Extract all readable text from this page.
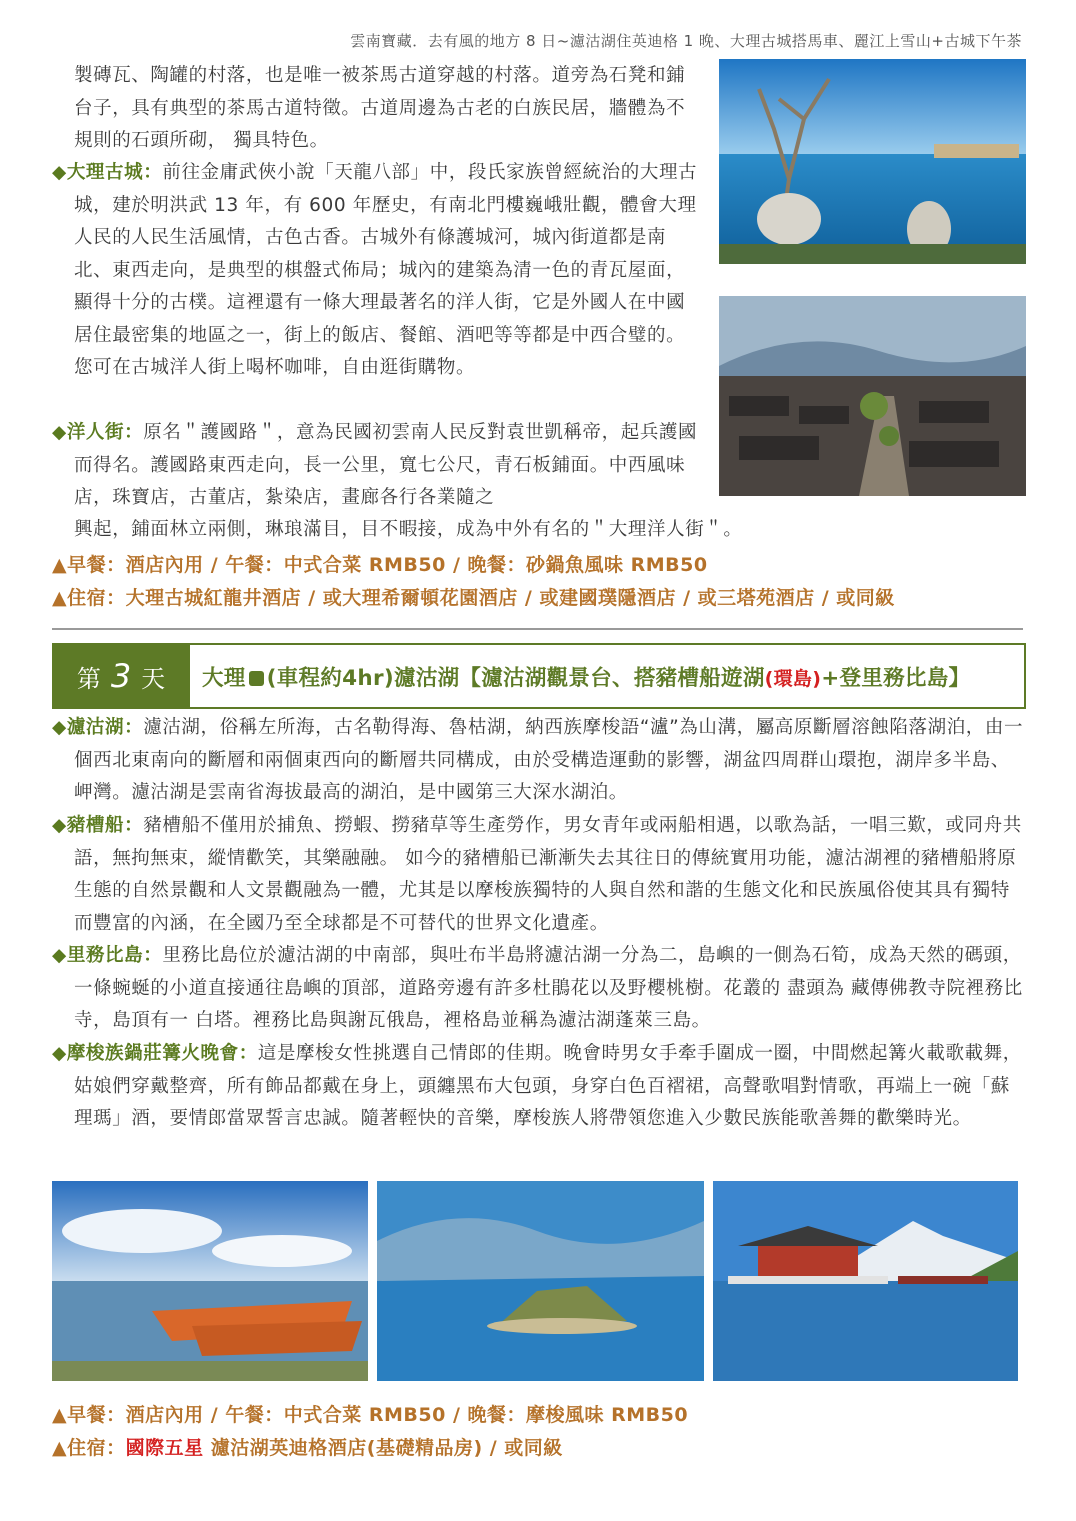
雲南寶藏．去有風的地方 8 日~濾沽湖住英迪格 1 晚、大理古城搭馬車、麗江上雪山+古城下午茶
製磚瓦、陶罐的村落，也是唯一被茶馬古道穿越的村落。道旁為石凳和鋪台子，具有典型的茶馬古道特徵。古道周邊為古老的白族民居，牆體為不規則的石頭所砌， 獨具特色。
◆大理古城：前往金庸武俠小說「天龍八部」中，段氏家族曾經統治的大理古城，建於明洪武 13 年，有 600 年歷史，有南北門樓巍峨壯觀，體會大理人民的人民生活風情，古色古香。古城外有條護城河，城內街道都是南北、東西走向，是典型的棋盤式佈局；城內的建築為清一色的青瓦屋面，顯得十分的古樸。這裡還有一條大理最著名的洋人街，它是外國人在中國居住最密集的地區之一，街上的飯店、餐館、酒吧等等都是中西合璧的。您可在古城洋人街上喝杯咖啡，自由逛街購物。
◆洋人街：原名＂護國路＂，意為民國初雲南人民反對袁世凱稱帝，起兵護國而得名。護國路東西走向，長一公里，寬七公尺，青石板鋪面。中西風味店，珠寶店，古董店，紮染店，畫廊各行各業隨之
興起，鋪面林立兩側，琳琅滿目，目不暇接，成為中外有名的＂大理洋人街＂。
▲早餐：酒店內用 / 午餐：中式合菜 RMB50 / 晚餐：砂鍋魚風味 RMB50
▲住宿：大理古城紅龍井酒店 / 或大理希爾頓花園酒店 / 或建國璞隱酒店 / 或三塔苑酒店 / 或同級
第 3 天	大理 (車程約4hr)濾沽湖【濾沽湖觀景台、搭豬槽船遊湖(環島)+登里務比島】
◆濾沽湖：濾沽湖，俗稱左所海，古名勒得海、魯枯湖，納西族摩梭語“瀘”為山溝，屬高原斷層溶蝕陷落湖泊，由一個西北東南向的斷層和兩個東西向的斷層共同構成，由於受構造運動的影響，湖盆四周群山環抱，湖岸多半島、岬灣。濾沽湖是雲南省海拔最高的湖泊，是中國第三大深水湖泊。
◆豬槽船：豬槽船不僅用於捕魚、撈蝦、撈豬草等生產勞作，男女青年或兩船相遇，以歌為話，一唱三歎，或同舟共語，無拘無束，縱情歡笑，其樂融融。 如今的豬槽船已漸漸失去其往日的傳統實用功能，濾沽湖裡的豬槽船將原生態的自然景觀和人文景觀融為一體，尤其是以摩梭族獨特的人與自然和諧的生態文化和民族風俗使其具有獨特而豐富的內涵，在全國乃至全球都是不可替代的世界文化遺產。
◆里務比島：里務比島位於濾沽湖的中南部，與吐布半島將濾沽湖一分為二，島嶼的一側為石筍，成為天然的碼頭，一條蜿蜒的小道直接通往島嶼的頂部，道路旁邊有許多杜鵑花以及野櫻桃樹。花叢的 盡頭為 藏傳佛教寺院裡務比寺，島頂有一 白塔。裡務比島與謝瓦俄島，裡格島並稱為濾沽湖蓬萊三島。
◆摩梭族鍋莊篝火晚會：這是摩梭女性挑選自己情郎的佳期。晚會時男女手牽手圍成一圈，中間燃起篝火載歌載舞，姑娘們穿戴整齊，所有飾品都戴在身上，頭纏黑布大包頭，身穿白色百褶裙，高聲歌唱對情歌，再端上一碗「蘇理瑪」酒，要情郎當眾誓言忠誠。隨著輕快的音樂，摩梭族人將帶領您進入少數民族能歌善舞的歡樂時光。
▲早餐：酒店內用 / 午餐：中式合菜 RMB50 / 晚餐：摩梭風味 RMB50
▲住宿：國際五星 濾沽湖英迪格酒店(基礎精品房) / 或同級
